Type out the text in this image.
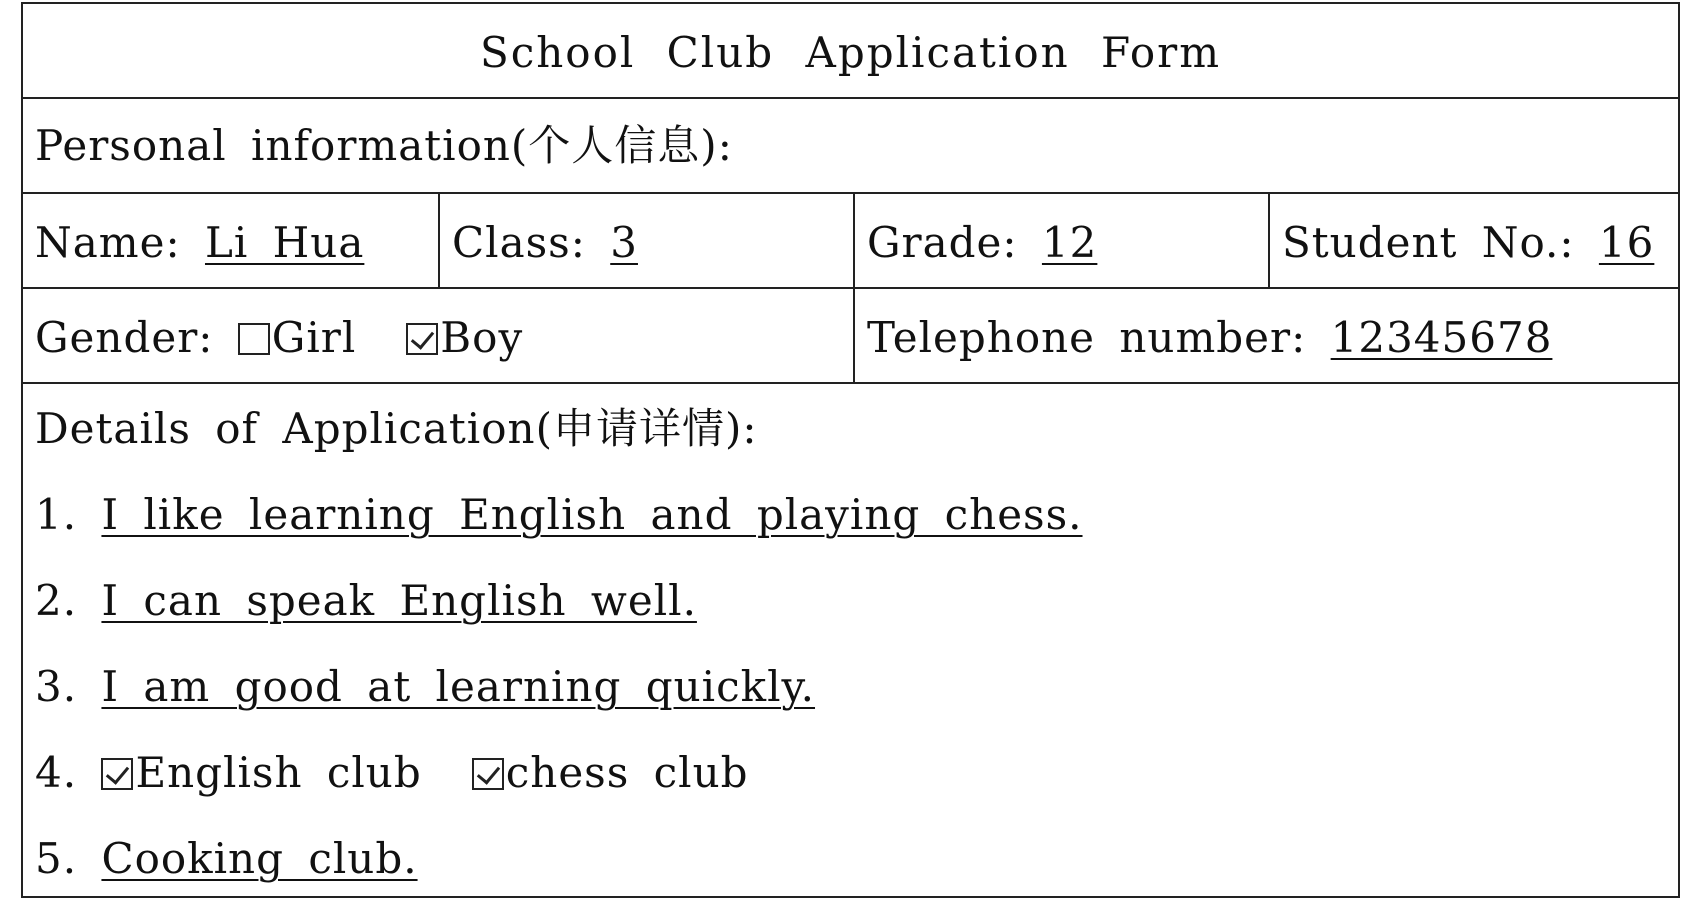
School Club Application Form
Personal information(个人信息):
Name: Li Hua Class: 3	Grade: 12	Student No.: 16
Gender: Girl Boy	Telephone number: 12345678
Details of Application(申请详情):
1. I like learning English and playing chess.
2. I can speak English well.
3. I am good at learning quickly.
4. English club chess club
5. Cooking club.
